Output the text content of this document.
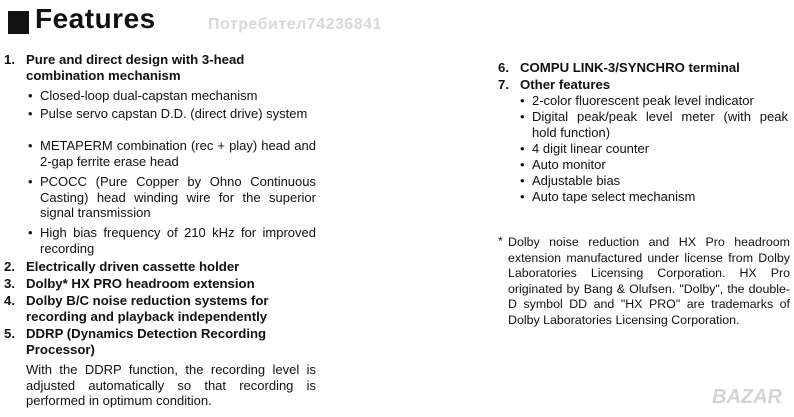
Features	Потребител74236841
1. Pure and direct design with 3-head combination mechanism
• Closed-loop dual-capstan mechanism
• Pulse servo capstan D.D. (direct drive) system
• METAPERM combination (rec + play) head and 2-gap ferrite erase head
• PCOCC (Pure Copper by Ohno Continuous Casting) head winding wire for the superior signal transmission
• High bias frequency of 210 kHz for improved recording
2. Electrically driven cassette holder
3. Dolby* HX PRO headroom extension
4. Dolby B/C noise reduction systems for recording and playback independently
5. DDRP (Dynamics Detection Recording Processor)
With the DDRP function, the recording level is adjusted automatically so that recording is performed in optimum condition.
6. COMPU LINK-3/SYNCHRO terminal
7. Other features
• 2-color fluorescent peak level indicator
• Digital peak/peak level meter (with peak hold function)
• 4 digit linear counter
• Auto monitor
• Adjustable bias
• Auto tape select mechanism
* Dolby noise reduction and HX Pro headroom extension manufactured under license from Dolby Laboratories Licensing Corporation. HX Pro originated by Bang & Olufsen. "Dolby", the double-D symbol DD and "HX PRO" are trademarks of Dolby Laboratories Licensing Corporation.
BAZAR
